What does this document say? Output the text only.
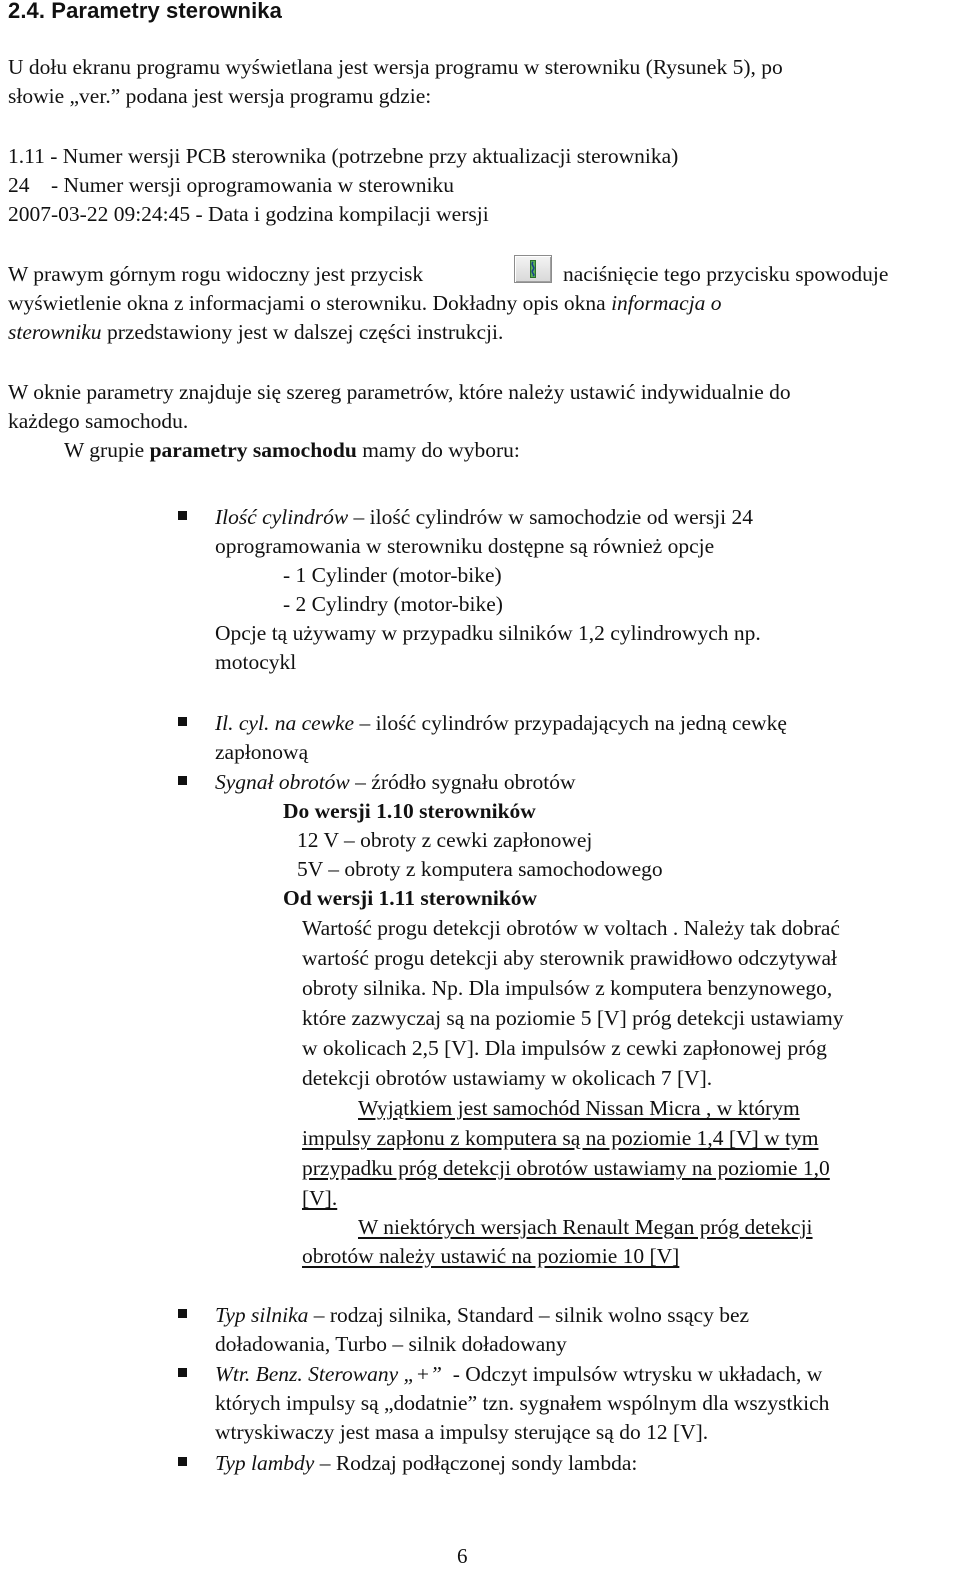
2.4. Parametry sterownika
U dołu ekranu programu wyświetlana jest wersja programu w sterowniku (Rysunek 5), po
słowie „ver.” podana jest wersja programu gdzie:
1.11 - Numer wersji PCB sterownika (potrzebne przy aktualizacji sterownika)
24    - Numer wersji oprogramowania w sterowniku
2007-03-22 09:24:45 - Data i godzina kompilacji wersji
W prawym górnym rogu widoczny jest przycisk	naciśnięcie tego przycisku spowoduje
wyświetlenie okna z informacjami o sterowniku. Dokładny opis okna informacja o
sterowniku przedstawiony jest w dalszej części instrukcji.
W oknie parametry znajduje się szereg parametrów, które należy ustawić indywidualnie do
każdego samochodu.
W grupie parametry samochodu mamy do wyboru:
Ilość cylindrów – ilość cylindrów w samochodzie od wersji 24
oprogramowania w sterowniku dostępne są również opcje
- 1 Cylinder (motor-bike)
- 2 Cylindry (motor-bike)
Opcje tą używamy w przypadku silników 1,2 cylindrowych np.
motocykl
Il. cyl. na cewke – ilość cylindrów przypadających na jedną cewkę
zapłonową
Sygnał obrotów – źródło sygnału obrotów
Do wersji 1.10 sterowników
12 V – obroty z cewki zapłonowej
5V – obroty z komputera samochodowego
Od wersji 1.11 sterowników
Wartość progu detekcji obrotów w voltach . Należy tak dobrać
wartość progu detekcji aby sterownik prawidłowo odczytywał
obroty silnika. Np. Dla impulsów z komputera benzynowego,
które zazwyczaj są na poziomie 5 [V] próg detekcji ustawiamy
w okolicach 2,5 [V]. Dla impulsów z cewki zapłonowej próg
detekcji obrotów ustawiamy w okolicach 7 [V].
Wyjątkiem jest samochód Nissan Micra , w którym
impulsy zapłonu z komputera są na poziomie 1,4 [V] w tym
przypadku próg detekcji obrotów ustawiamy na poziomie 1,0
[V].
W niektórych wersjach Renault Megan próg detekcji
obrotów należy ustawić na poziomie 10 [V]
Typ silnika – rodzaj silnika, Standard – silnik wolno ssący bez
doładowania, Turbo – silnik doładowany
Wtr. Benz. Sterowany „+”  - Odczyt impulsów wtrysku w układach, w
których impulsy są „dodatnie” tzn. sygnałem wspólnym dla wszystkich
wtryskiwaczy jest masa a impulsy sterujące są do 12 [V].
Typ lambdy – Rodzaj podłączonej sondy lambda:
6
